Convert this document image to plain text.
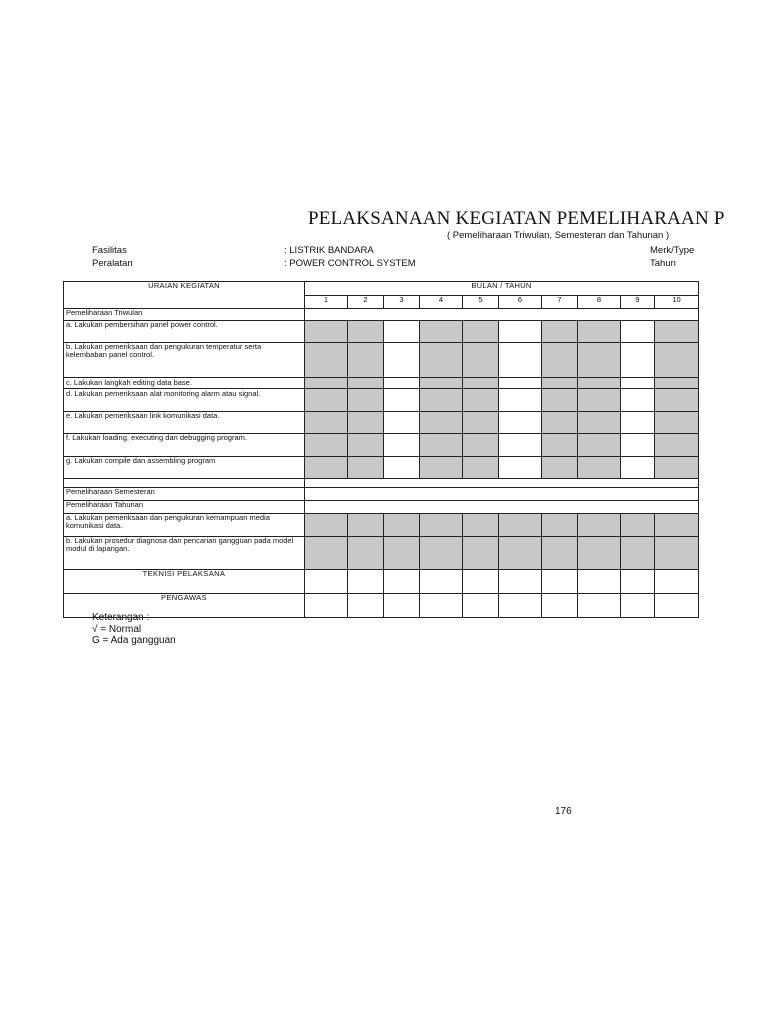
PELAKSANAAN KEGIATAN PEMELIHARAAN P
( Pemeliharaan Triwulan, Semesteran dan Tahunan )
Fasilitas	: LISTRIK BANDARA
Peralatan	: POWER CONTROL SYSTEM
Merk/Type
Tahun
URAIAN KEGIATAN	BULAN / TAHUN									
	1	2	3	4	5	6	7	8	9	10
Pemeliharaan Triwulan										
a. Lakukan pembersihan panel power control.										
b. Lakukan pemeriksaan dan pengukuran temperatur serta kelembaban panel control.										
c. Lakukan langkah editing data base.										
d. Lakukan pemeriksaan alat monitoring alarm atau signal.										
e. Lakukan pemeriksaan link komunikasi data.										
f. Lakukan loading, executing dan debugging program.										
g. Lakukan compile dan assembling program										

Pemeliharaan Semesteran										
Pemeliharaan Tahunan										
a. Lakukan pemeriksaan dan pengukuran kemampuan media komunikasi data.										
b. Lakukan prosedur diagnosa dan pencarian gangguan pada model modul di lapangan.										
TEKNISI PELAKSANA										
PENGAWAS										
Keterangan :
√ = Normal
G = Ada gangguan
176
